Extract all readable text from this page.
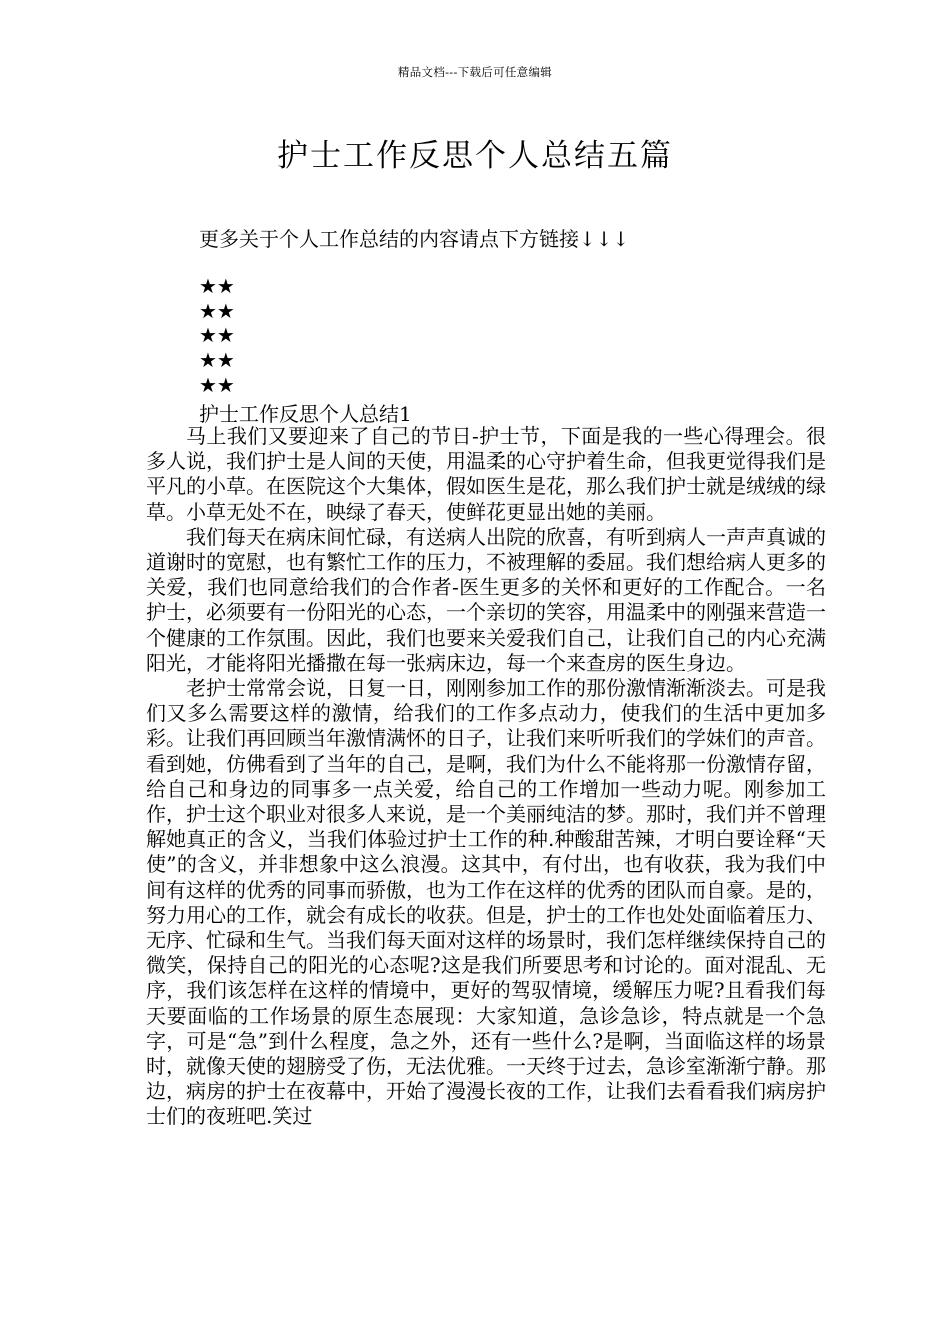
精品文档---下载后可任意编辑
护士工作反思个人总结五篇
更多关于个人工作总结的内容请点下方链接↓↓↓
★★
★★
★★
★★
★★
护士工作反思个人总结1

马上我们又要迎来了自己的节日-护士节，下面是我的一些心得理会。很多人说，我们护士是人间的天使，用温柔的心守护着生命，但我更觉得我们是平凡的小草。在医院这个大集体，假如医生是花，那么我们护士就是绒绒的绿草。小草无处不在，映绿了春天，使鲜花更显出她的美丽。

我们每天在病床间忙碌，有送病人出院的欣喜，有听到病人一声声真诚的道谢时的宽慰，也有繁忙工作的压力，不被理解的委屈。我们想给病人更多的关爱，我们也同意给我们的合作者-医生更多的关怀和更好的工作配合。一名护士，必须要有一份阳光的心态，一个亲切的笑容，用温柔中的刚强来营造一个健康的工作氛围。因此，我们也要来关爱我们自己，让我们自己的内心充满阳光，才能将阳光播撒在每一张病床边，每一个来查房的医生身边。

老护士常常会说，日复一日，刚刚参加工作的那份激情渐渐淡去。可是我们又多么需要这样的激情，给我们的工作多点动力，使我们的生活中更加多彩。让我们再回顾当年激情满怀的日子，让我们来听听我们的学妹们的声音。看到她，仿佛看到了当年的自己，是啊，我们为什么不能将那一份激情存留，给自己和身边的同事多一点关爱，给自己的工作增加一些动力呢。刚参加工作，护士这个职业对很多人来说，是一个美丽纯洁的梦。那时，我们并不曾理解她真正的含义，当我们体验过护士工作的种.种酸甜苦辣，才明白要诠释“天使”的含义，并非想象中这么浪漫。这其中，有付出，也有收获，我为我们中间有这样的优秀的同事而骄傲，也为工作在这样的优秀的团队而自豪。是的，努力用心的工作，就会有成长的收获。但是，护士的工作也处处面临着压力、无序、忙碌和生气。当我们每天面对这样的场景时，我们怎样继续保持自己的微笑，保持自己的阳光的心态呢?这是我们所要思考和讨论的。面对混乱、无序，我们该怎样在这样的情境中，更好的驾驭情境，缓解压力呢?且看我们每天要面临的工作场景的原生态展现：大家知道，急诊急诊，特点就是一个急字，可是“急”到什么程度，急之外，还有一些什么?是啊，当面临这样的场景时，就像天使的翅膀受了伤，无法优雅。一天终于过去，急诊室渐渐宁静。那边，病房的护士在夜幕中，开始了漫漫长夜的工作，让我们去看看我们病房护士们的夜班吧.笑过
